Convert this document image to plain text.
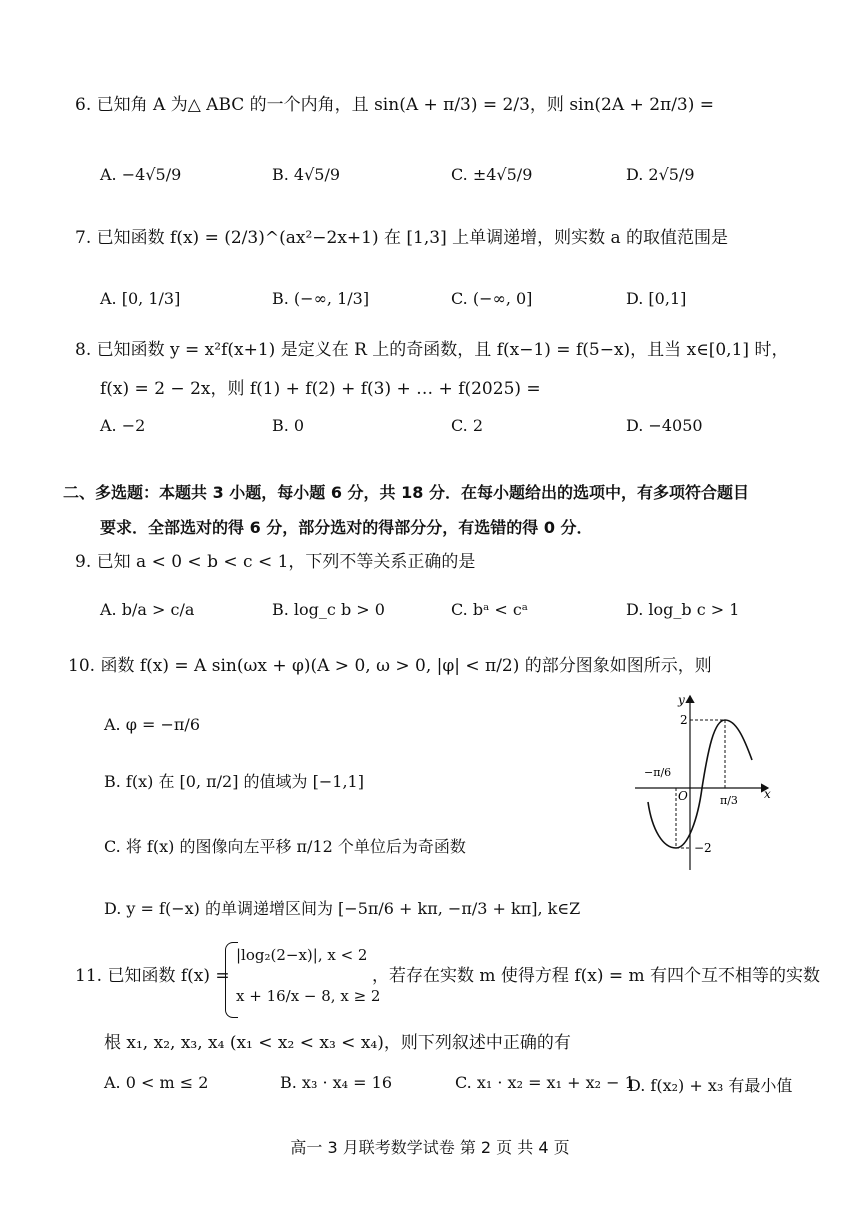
6. 已知角 A 为△ ABC 的一个内角，且 sin(A + π/3) = 2/3，则 sin(2A + 2π/3) =
A. −4√5/9	B. 4√5/9	C. ±4√5/9	D. 2√5/9
7. 已知函数 f(x) = (2/3)^(ax²−2x+1) 在 [1,3] 上单调递增，则实数 a 的取值范围是
A. [0, 1/3]	B. (−∞, 1/3]	C. (−∞, 0]	D. [0,1]
8. 已知函数 y = x²f(x+1) 是定义在 R 上的奇函数，且 f(x−1) = f(5−x)，且当 x∈[0,1] 时，
f(x) = 2 − 2x，则 f(1) + f(2) + f(3) + … + f(2025) =
A. −2	B. 0	C. 2	D. −4050
二、多选题：本题共 3 小题，每小题 6 分，共 18 分．在每小题给出的选项中，有多项符合题目
要求．全部选对的得 6 分，部分选对的得部分分，有选错的得 0 分．
9. 已知 a < 0 < b < c < 1，下列不等关系正确的是
A. b/a > c/a	B. log_c b > 0	C. bᵃ < cᵃ	D. log_b c > 1
10. 函数 f(x) = A sin(ωx + φ)(A > 0, ω > 0, |φ| < π/2) 的部分图象如图所示，则
A. φ = −π/6
B. f(x) 在 [0, π/2] 的值域为 [−1,1]
C. 将 f(x) 的图像向左平移 π/12 个单位后为奇函数
D. y = f(−x) 的单调递增区间为 [−5π/6 + kπ, −π/3 + kπ], k∈Z
y
x
O
2
−2
−π/6
π/3
11. 已知函数 f(x) =
|log₂(2−x)|, x < 2
x + 16/x − 8, x ≥ 2
，若存在实数 m 使得方程 f(x) = m 有四个互不相等的实数
根 x₁, x₂, x₃, x₄ (x₁ < x₂ < x₃ < x₄)，则下列叙述中正确的有
A. 0 < m ≤ 2	B. x₃ · x₄ = 16	C. x₁ · x₂ = x₁ + x₂ − 1
D. f(x₂) + x₃ 有最小值
高一 3 月联考数学试卷 第 2 页 共 4 页
